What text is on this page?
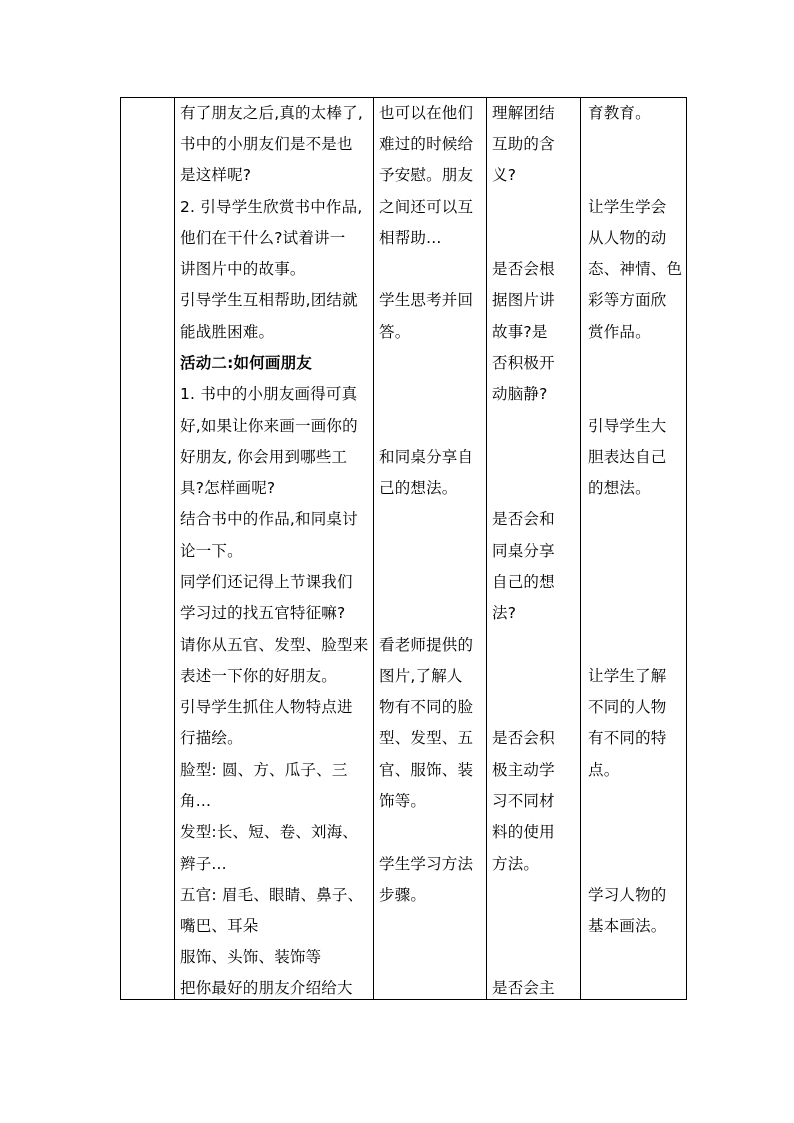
有了朋友之后,真的太棒了,
书中的小朋友们是不是也
是这样呢?
2. 引导学生欣赏书中作品,
他们在干什么?试着讲一
讲图片中的故事。
引导学生互相帮助,团结就
能战胜困难。
活动二:如何画朋友
1. 书中的小朋友画得可真
好,如果让你来画一画你的
好朋友, 你会用到哪些工
具?怎样画呢?
结合书中的作品,和同桌讨
论一下。
同学们还记得上节课我们
学习过的找五官特征嘛?
请你从五官、发型、脸型来
表述一下你的好朋友。
引导学生抓住人物特点进
行描绘。
脸型: 圆、方、瓜子、三
角...
发型:长、短、卷、刘海、
辫子...
五官: 眉毛、眼睛、鼻子、
嘴巴、耳朵
服饰、头饰、装饰等
把你最好的朋友介绍给大
也可以在他们
难过的时候给
予安慰。朋友
之间还可以互
相帮助...
学生思考并回
答。
和同桌分享自
己的想法。
看老师提供的
图片,了解人
物有不同的脸
型、发型、五
官、服饰、装
饰等。
学生学习方法
步骤。
理解团结
互助的含
义?
是否会根
据图片讲
故事?是
否积极开
动脑静?
是否会和
同桌分享
自己的想
法?
是否会积
极主动学
习不同材
料的使用
方法。
是否会主
育教育。
让学生学会
从人物的动
态、神情、色
彩等方面欣
赏作品。
引导学生大
胆表达自己
的想法。
让学生了解
不同的人物
有不同的特
点。
学习人物的
基本画法。
